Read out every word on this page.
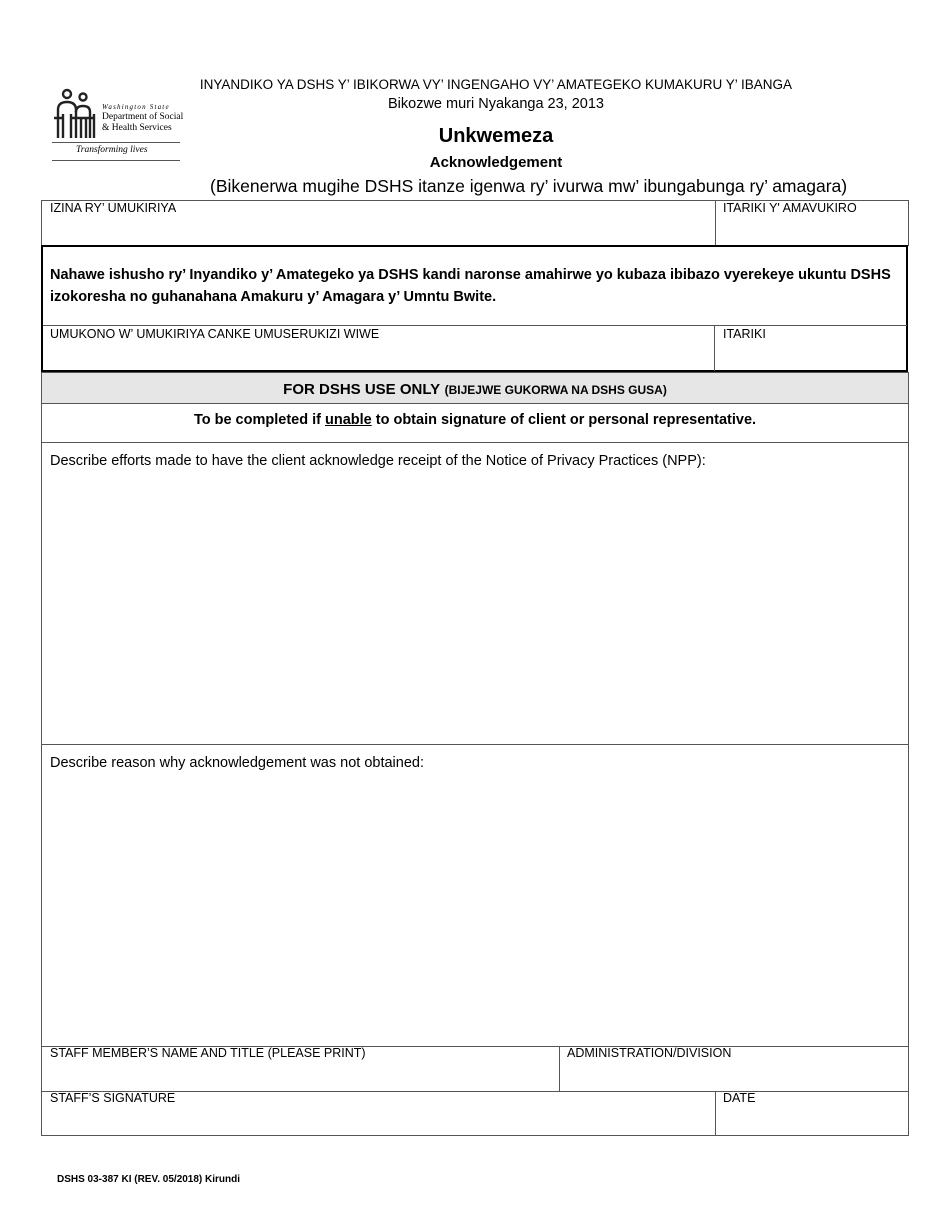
Washington State
Department of Social
& Health Services
Transforming lives
INYANDIKO YA DSHS Y’ IBIKORWA VY’ INGENGAHO VY’ AMATEGEKO KUMAKURU Y’ IBANGA
Bikozwe muri Nyakanga 23, 2013
Unkwemeza
Acknowledgement
(Bikenerwa mugihe DSHS itanze igenwa ry’ ivurwa mw’ ibungabunga ry’ amagara)
IZINA RY’ UMUKIRIYA	ITARIKI Y' AMAVUKIRO
Nahawe ishusho ry’ Inyandiko y’ Amategeko ya DSHS kandi naronse amahirwe yo kubaza ibibazo vyerekeye ukuntu DSHS izokoresha no guhanahana Amakuru y’ Amagara y’ Umntu Bwite.
UMUKONO W’ UMUKIRIYA CANKE UMUSERUKIZI WIWE	ITARIKI
FOR DSHS USE ONLY (BIJEJWE GUKORWA NA DSHS GUSA)
To be completed if unable to obtain signature of client or personal representative.
Describe efforts made to have the client acknowledge receipt of the Notice of Privacy Practices (NPP):
Describe reason why acknowledgement was not obtained:
STAFF MEMBER’S NAME AND TITLE (PLEASE PRINT)	ADMINISTRATION/DIVISION
STAFF’S SIGNATURE	DATE
DSHS 03-387 KI (REV. 05/2018) Kirundi
